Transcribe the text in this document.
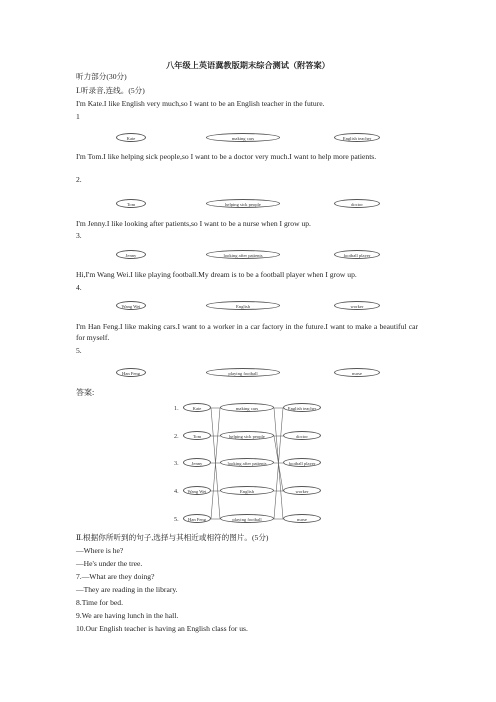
八年级上英语冀教版期末综合测试（附答案）
听力部分(30分)
Ⅰ.听录音,连线。(5分)
I'm Kate.I like English very much,so I want to be an English teacher in the future.
1
Kate	making cars	English teacher
I'm Tom.I like helping sick people,so I want to be a doctor very much.I want to help more patients.
2.
Tom	helping sick people	doctor
I'm Jenny.I like looking after patients,so I want to be a nurse when I grow up.
3.
Jenny	looking after patients	football player
Hi,I'm Wang Wei.I like playing football.My dream is to be a football player when I grow up.
4.
Wang Wei	English	worker
I'm Han Feng.I like making cars.I want to a worker in a car factory in the future.I want to make a beautiful car for myself.
5.
Han Feng	playing football	nurse
答案:
1.	Kate	making cars	English teacher
2.	Tom	helping sick people	doctor
3.	Jenny	looking after patients	football player
4.	Wang Wei	English	worker
5.	Han Feng	playing football	nurse
Ⅱ.根据你所听到的句子,选择与其相近或相符的图片。(5分)
—Where is he?
—He's under the tree.
7.—What are they doing?
—They are reading in the library.
8.Time for bed.
9.We are having lunch in the hall.
10.Our English teacher is having an English class for us.
